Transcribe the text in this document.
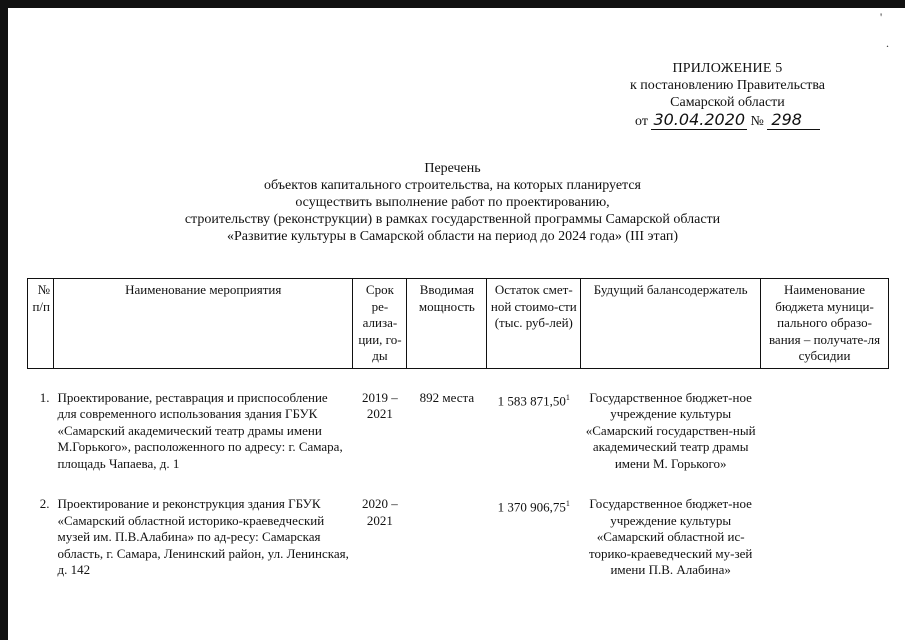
'
.
ПРИЛОЖЕНИЕ 5
к постановлению Правительства
Самарской области
от 30.04.2020 № 298
Перечень
объектов капитального строительства, на которых планируется
осуществить выполнение работ по проектированию,
строительству (реконструкции) в рамках государственной программы Самарской области
«Развитие культуры в Самарской области на период до 2024 года» (III этап)
№ п/п	Наименование мероприятия	Срок ре-ализа-ции, го-ды	Вводимая мощность	Остаток смет-ной стоимо-сти (тыс. руб-лей)	Будущий балансодержатель	Наименование бюджета муници-пального образо-вания – получате-ля субсидии

1.	Проектирование, реставрация и приспособление для современного использования здания ГБУК «Самарский академический театр драмы имени М.Горького», расположенного по адресу: г. Самара, площадь Чапаева, д. 1	2019 – 2021	892 места	1 583 871,50$^1$	Государственное бюджет-ное учреждение культуры «Самарский государствен-ный академический театр драмы имени М. Горького»	

2.	Проектирование и реконструкция здания ГБУК «Самарский областной историко-краеведческий музей им. П.В.Алабина» по ад-ресу: Самарская область, г. Самара, Ленинский район, ул. Ленинская, д. 142	2020 – 2021		1 370 906,75$^1$	Государственное бюджет-ное учреждение культуры «Самарский областной ис-торико-краеведческий му-зей имени П.В. Алабина»	
